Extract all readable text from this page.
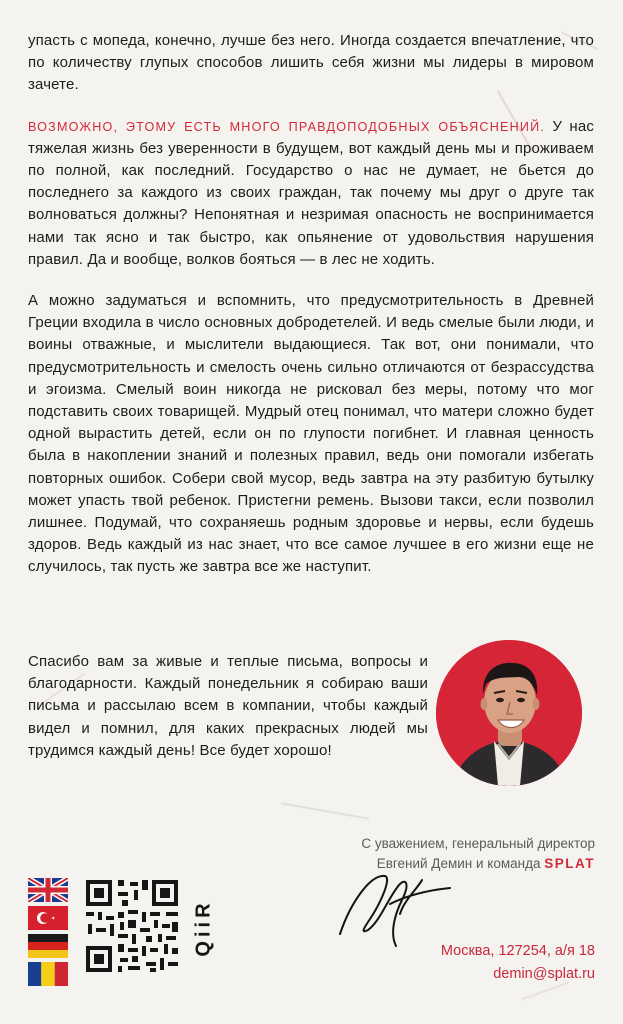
упасть с мопеда, конечно, лучше без него. Иногда создается впечатление, что по количеству глупых способов лишить себя жизни мы лидеры в мировом зачете.

ВОЗМОЖНО, ЭТОМУ ЕСТЬ МНОГО ПРАВДОПОДОБНЫХ ОБЪЯСНЕНИЙ. У нас тяжелая жизнь без уверенности в будущем, вот каждый день мы и проживаем по полной, как последний. Государство о нас не думает, не бьется до последнего за каждого из своих граждан, так почему мы друг о друге так волноваться должны? Непонятная и незримая опасность не воспринимается нами так ясно и так быстро, как опьянение от удовольствия нарушения правил. Да и вообще, волков бояться — в лес не ходить.

А можно задуматься и вспомнить, что предусмотрительность в Древней Греции входила в число основных добродетелей. И ведь смелые были люди, и воины отважные, и мыслители выдающиеся. Так вот, они понимали, что предусмотрительность и смелость очень сильно отличаются от безрассудства и эгоизма. Смелый воин никогда не рисковал без меры, потому что мог подставить своих товарищей. Мудрый отец понимал, что матери сложно будет одной вырастить детей, если он по глупости погибнет. И главная ценность была в накоплении знаний и полезных правил, ведь они помогали избегать повторных ошибок. Собери свой мусор, ведь завтра на эту разбитую бутылку может упасть твой ребенок. Пристегни ремень. Вызови такси, если позволил лишнее. Подумай, что сохраняешь родным здоровье и нервы, если будешь здоров. Ведь каждый из нас знает, что все самое лучшее в его жизни еще не случилось, так пусть же завтра все же наступит.

Спасибо вам за живые и теплые письма, вопросы и благодарности. Каждый понедельник я собираю ваши письма и рассылаю всем в компании, чтобы каждый видел и помнил, для каких прекрасных людей мы трудимся каждый день! Все будет хорошо!

С уважением, генеральный директор
Евгений Демин и команда SPLAT
Москва, 127254, а/я 18
demin@splat.ru
QiiR
